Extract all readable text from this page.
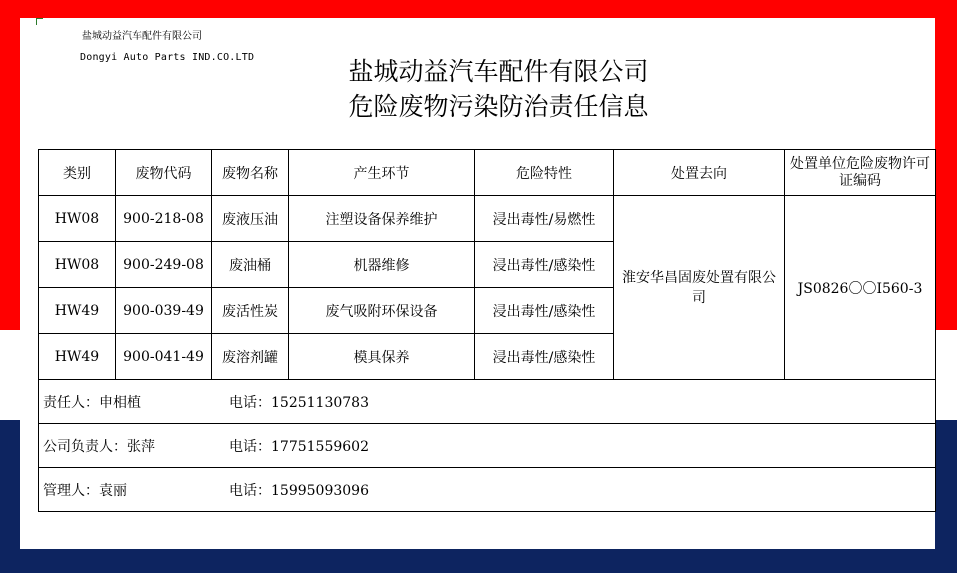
盐城动益汽车配件有限公司
Dongyi Auto Parts IND.CO.LTD	盐城动益汽车配件有限公司
危险废物污染防治责任信息
类别	废物代码	废物名称	产生环节	危险特性	处置去向	处置单位危险废物许可证编码
HW08	900-218-08	废液压油	注塑设备保养维护	浸出毒性/易燃性	淮安华昌固废处置有限公司	JS0826〇〇I560-3
HW08	900-249-08	废油桶	机器维修	浸出毒性/感染性		
HW49	900-039-49	废活性炭	废气吸附环保设备	浸出毒性/感染性		
HW49	900-041-49	废溶剂罐	模具保养	浸出毒性/感染性		
责任人：申相植 电话：15251130783						
公司负责人：张萍 电话：17751559602						
管理人：袁丽 电话：15995093096						
